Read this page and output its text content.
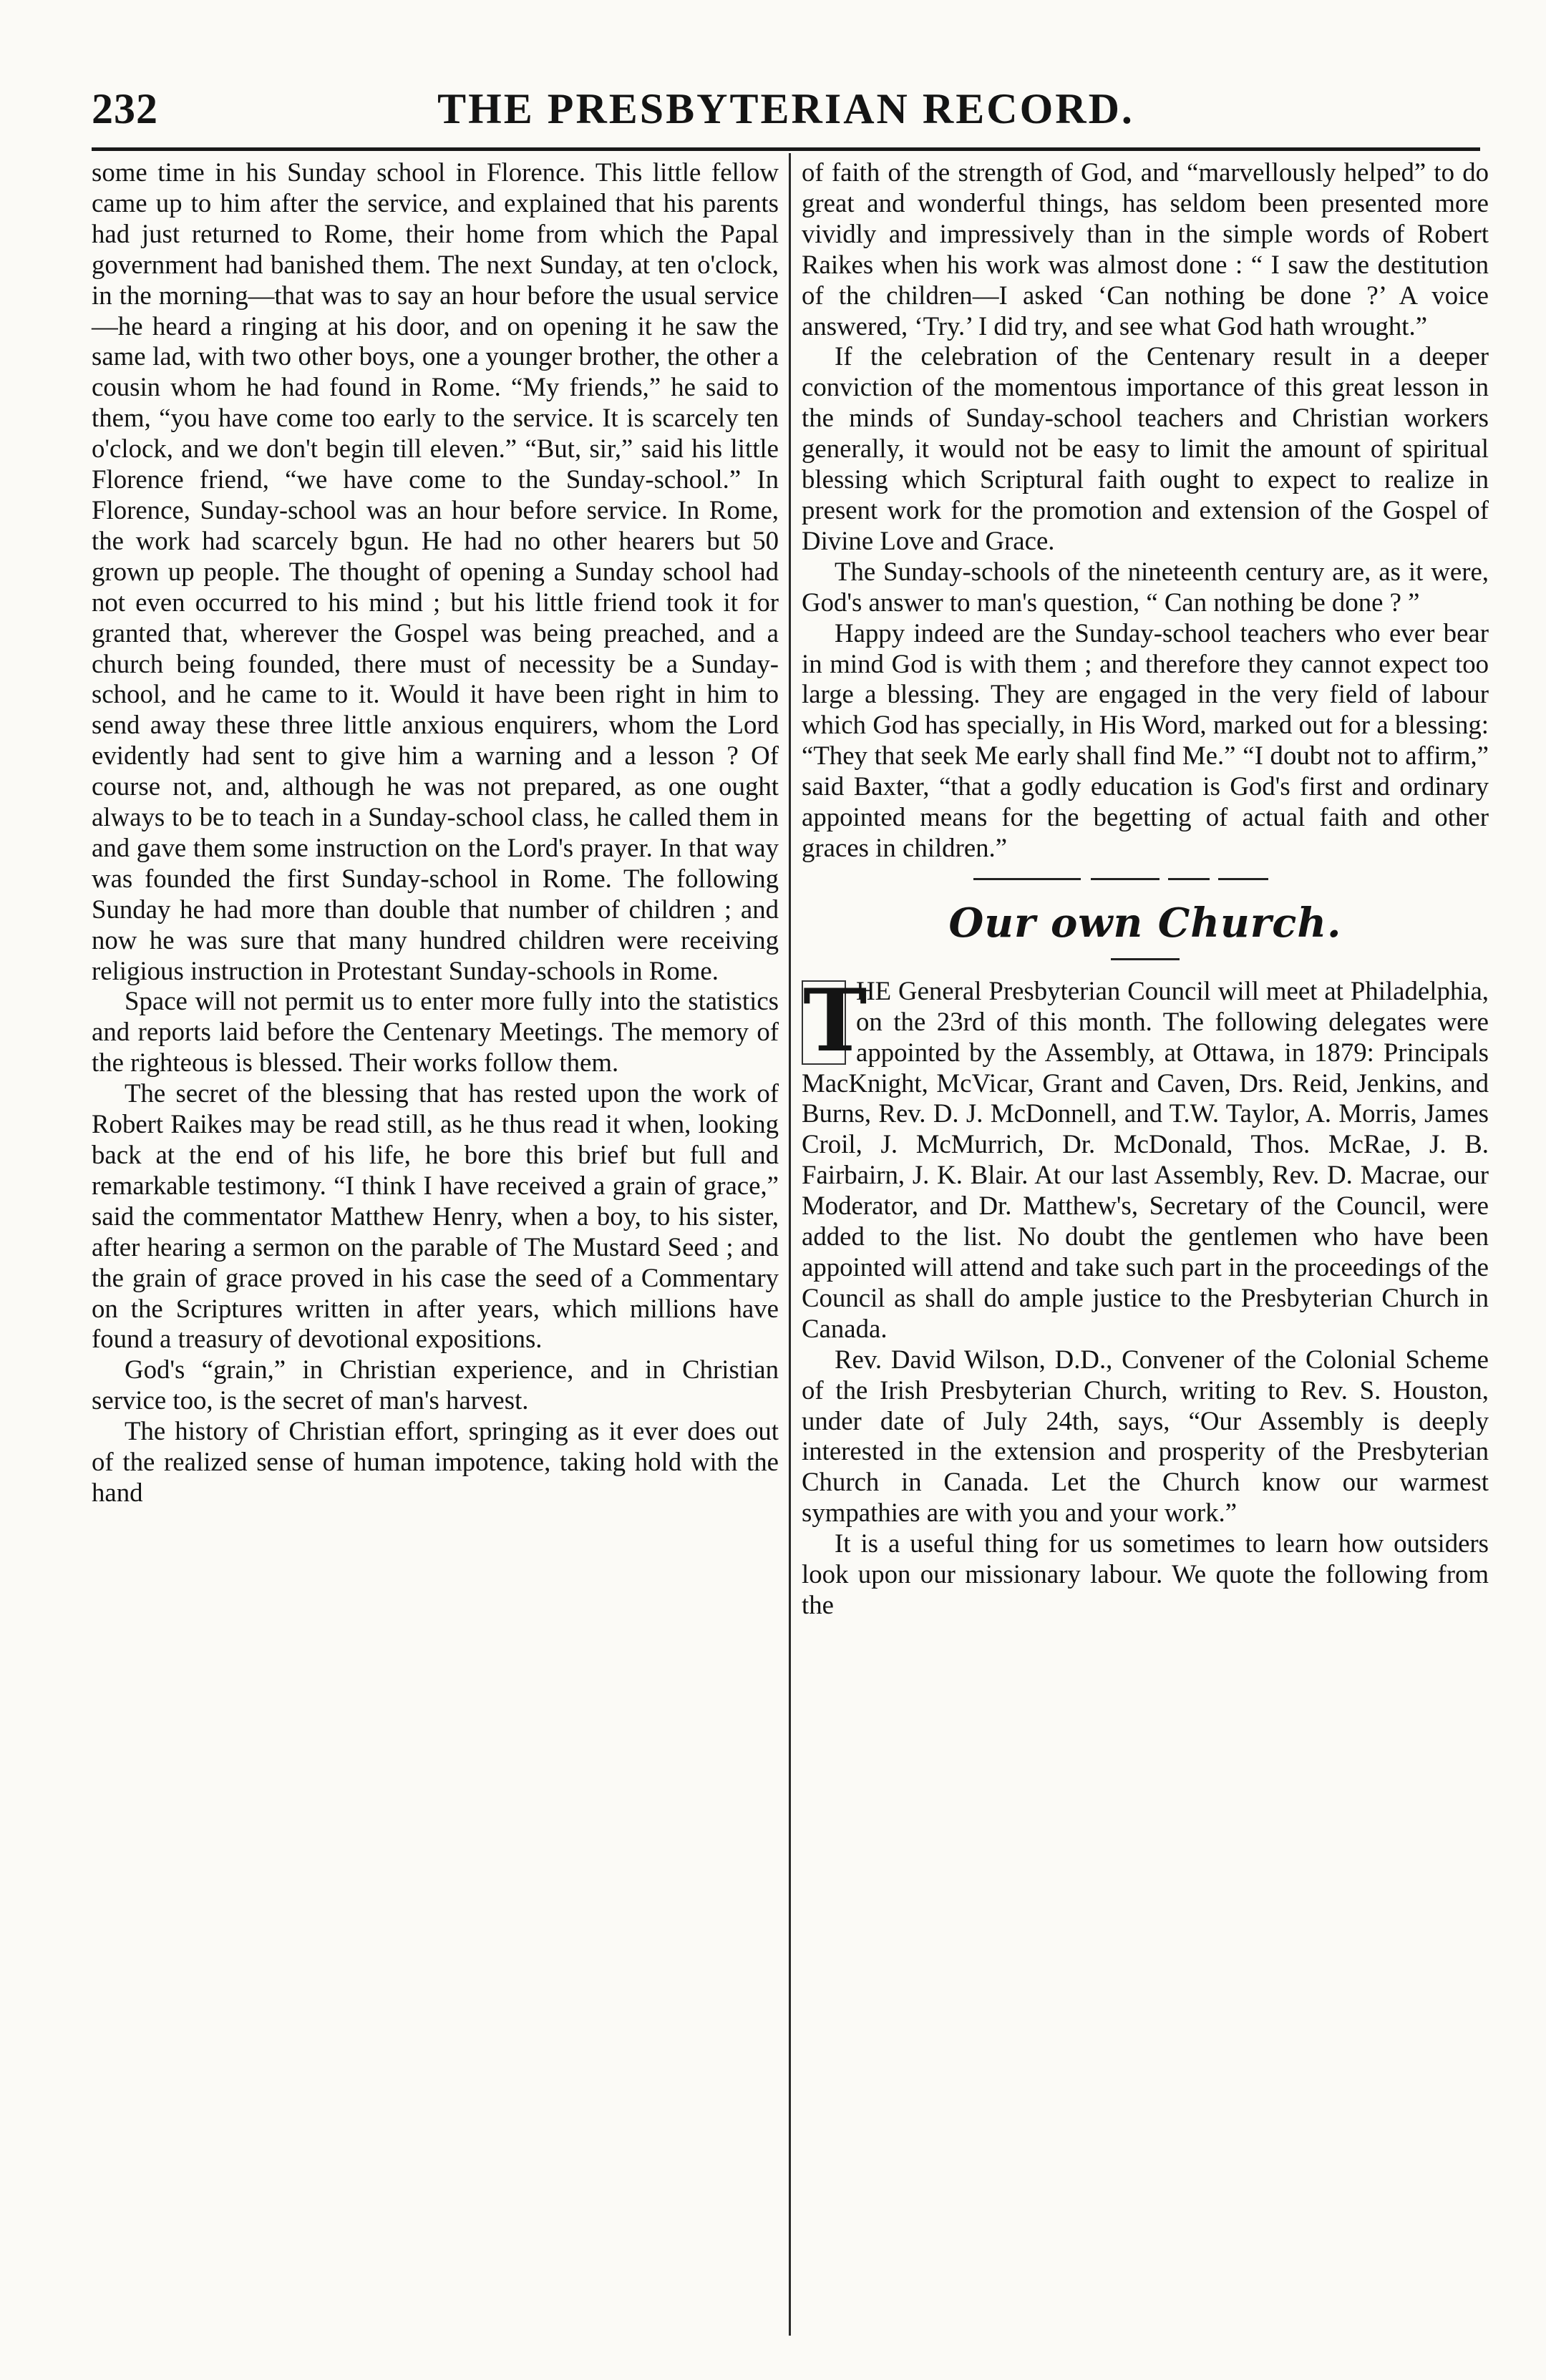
232	THE PRESBYTERIAN RECORD.

some time in his Sunday school in Florence. This little fellow came up to him after the service, and explained that his parents had just returned to Rome, their home from which the Papal government had banished them. The next Sunday, at ten o'clock, in the morning—that was to say an hour before the usual service—he heard a ringing at his door, and on opening it he saw the same lad, with two other boys, one a younger brother, the other a cousin whom he had found in Rome. “My friends,” he said to them, “you have come too early to the service. It is scarcely ten o'clock, and we don't begin till eleven.” “But, sir,” said his little Florence friend, “we have come to the Sunday-school.” In Florence, Sunday-school was an hour before service. In Rome, the work had scarcely bgun. He had no other hearers but 50 grown up people. The thought of opening a Sunday school had not even occurred to his mind ; but his little friend took it for granted that, wherever the Gospel was being preached, and a church being founded, there must of necessity be a Sunday-school, and he came to it. Would it have been right in him to send away these three little anxious enquirers, whom the Lord evidently had sent to give him a warning and a lesson ? Of course not, and, although he was not prepared, as one ought always to be to teach in a Sunday-school class, he called them in and gave them some instruction on the Lord's prayer. In that way was founded the first Sunday-school in Rome. The following Sunday he had more than double that number of children ; and now he was sure that many hundred children were receiving religious instruction in Protestant Sunday-schools in Rome.

Space will not permit us to enter more fully into the statistics and reports laid before the Centenary Meetings. The memory of the righteous is blessed. Their works follow them.

The secret of the blessing that has rested upon the work of Robert Raikes may be read still, as he thus read it when, looking back at the end of his life, he bore this brief but full and remarkable testimony. “I think I have received a grain of grace,” said the commentator Matthew Henry, when a boy, to his sister, after hearing a sermon on the parable of The Mustard Seed ; and the grain of grace proved in his case the seed of a Commentary on the Scriptures written in after years, which millions have found a treasury of devotional expositions.

God's “grain,” in Christian experience, and in Christian service too, is the secret of man's harvest.

The history of Christian effort, springing as it ever does out of the realized sense of human impotence, taking hold with the hand

of faith of the strength of God, and “marvellously helped” to do great and wonderful things, has seldom been presented more vividly and impressively than in the simple words of Robert Raikes when his work was almost done : “ I saw the destitution of the children—I asked ‘Can nothing be done ?’ A voice answered, ‘Try.’ I did try, and see what God hath wrought.”

If the celebration of the Centenary result in a deeper conviction of the momentous importance of this great lesson in the minds of Sunday-school teachers and Christian workers generally, it would not be easy to limit the amount of spiritual blessing which Scriptural faith ought to expect to realize in present work for the promotion and extension of the Gospel of Divine Love and Grace.

The Sunday-schools of the nineteenth century are, as it were, God's answer to man's question, “ Can nothing be done ? ”

Happy indeed are the Sunday-school teachers who ever bear in mind God is with them ; and therefore they cannot expect too large a blessing. They are engaged in the very field of labour which God has specially, in His Word, marked out for a blessing: “They that seek Me early shall find Me.” “I doubt not to affirm,” said Baxter, “that a godly education is God's first and ordinary appointed means for the begetting of actual faith and other graces in children.”

Our own Church.
T
HE General Presbyterian Council will meet at Philadelphia, on the 23rd of this month. The following delegates were appointed by the Assembly, at Ottawa, in 1879: Principals MacKnight, McVicar, Grant and Caven, Drs. Reid, Jenkins, and Burns, Rev. D. J. McDonnell, and T.W. Taylor, A. Morris, James Croil, J. McMurrich, Dr. McDonald, Thos. McRae, J. B. Fairbairn, J. K. Blair. At our last Assembly, Rev. D. Macrae, our Moderator, and Dr. Matthew's, Secretary of the Council, were added to the list. No doubt the gentlemen who have been appointed will attend and take such part in the proceedings of the Council as shall do ample justice to the Presbyterian Church in Canada.

Rev. David Wilson, D.D., Convener of the Colonial Scheme of the Irish Presbyterian Church, writing to Rev. S. Houston, under date of July 24th, says, “Our Assembly is deeply interested in the extension and prosperity of the Presbyterian Church in Canada. Let the Church know our warmest sympathies are with you and your work.”

It is a useful thing for us sometimes to learn how outsiders look upon our missionary labour. We quote the following from the
